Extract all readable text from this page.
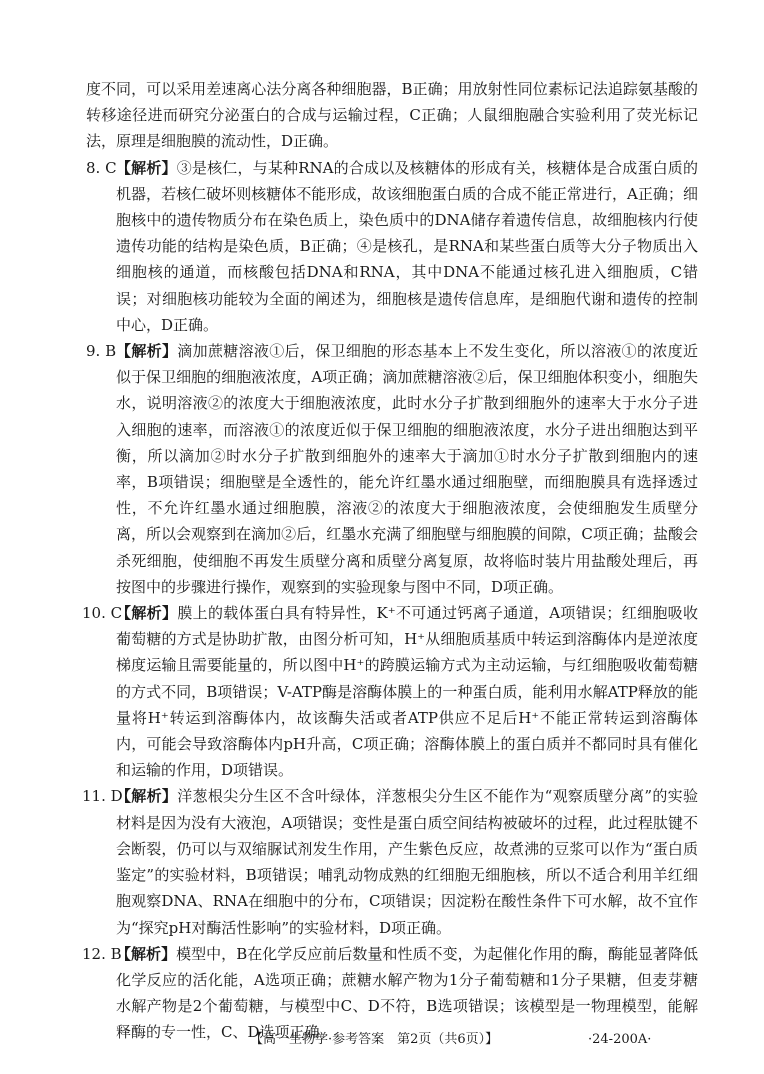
度不同，可以采用差速离心法分离各种细胞器，B正确；用放射性同位素标记法追踪氨基酸的转移途径进而研究分泌蛋白的合成与运输过程，C正确；人鼠细胞融合实验利用了荧光标记法，原理是细胞膜的流动性，D正确。

8. C 【解析】③是核仁，与某种RNA的合成以及核糖体的形成有关，核糖体是合成蛋白质的机器，若核仁破坏则核糖体不能形成，故该细胞蛋白质的合成不能正常进行，A正确；细胞核中的遗传物质分布在染色质上，染色质中的DNA储存着遗传信息，故细胞核内行使遗传功能的结构是染色质，B正确；④是核孔，是RNA和某些蛋白质等大分子物质出入细胞核的通道，而核酸包括DNA和RNA，其中DNA不能通过核孔进入细胞质，C错误；对细胞核功能较为全面的阐述为，细胞核是遗传信息库，是细胞代谢和遗传的控制中心，D正确。
9. B 【解析】滴加蔗糖溶液①后，保卫细胞的形态基本上不发生变化，所以溶液①的浓度近似于保卫细胞的细胞液浓度，A项正确；滴加蔗糖溶液②后，保卫细胞体积变小，细胞失水，说明溶液②的浓度大于细胞液浓度，此时水分子扩散到细胞外的速率大于水分子进入细胞的速率，而溶液①的浓度近似于保卫细胞的细胞液浓度，水分子进出细胞达到平衡，所以滴加②时水分子扩散到细胞外的速率大于滴加①时水分子扩散到细胞内的速率，B项错误；细胞壁是全透性的，能允许红墨水通过细胞壁，而细胞膜具有选择透过性，不允许红墨水通过细胞膜，溶液②的浓度大于细胞液浓度，会使细胞发生质壁分离，所以会观察到在滴加②后，红墨水充满了细胞壁与细胞膜的间隙，C项正确；盐酸会杀死细胞，使细胞不再发生质壁分离和质壁分离复原，故将临时装片用盐酸处理后，再按图中的步骤进行操作，观察到的实验现象与图中不同，D项正确。
10. C
【解析】膜上的载体蛋白具有特异性，K⁺不可通过钙离子通道，A项错误；红细胞吸收葡萄糖的方式是协助扩散，由图分析可知，H⁺从细胞质基质中转运到溶酶体内是逆浓度梯度运输且需要能量的，所以图中H⁺的跨膜运输方式为主动运输，与红细胞吸收葡萄糖的方式不同，B项错误；V-ATP酶是溶酶体膜上的一种蛋白质，能利用水解ATP释放的能量将H⁺转运到溶酶体内，故该酶失活或者ATP供应不足后H⁺不能正常转运到溶酶体内，可能会导致溶酶体内pH升高，C项正确；溶酶体膜上的蛋白质并不都同时具有催化和运输的作用，D项错误。
11. D
【解析】洋葱根尖分生区不含叶绿体，洋葱根尖分生区不能作为“观察质壁分离”的实验材料是因为没有大液泡，A项错误；变性是蛋白质空间结构被破坏的过程，此过程肽键不会断裂，仍可以与双缩脲试剂发生作用，产生紫色反应，故煮沸的豆浆可以作为“蛋白质鉴定”的实验材料，B项错误；哺乳动物成熟的红细胞无细胞核，所以不适合利用羊红细胞观察DNA、RNA在细胞中的分布，C项错误；因淀粉在酸性条件下可水解，故不宜作为“探究pH对酶活性影响”的实验材料，D项正确。
12. B
【解析】模型中，B在化学反应前后数量和性质不变，为起催化作用的酶，酶能显著降低化学反应的活化能，A选项正确；蔗糖水解产物为1分子葡萄糖和1分子果糖，但麦芽糖水解产物是2个葡萄糖，与模型中C、D不符，B选项错误；该模型是一物理模型，能解释酶的专一性，C、D选项正确。
【高一生物学·参考答案　第2页（共6页）】	·24-200A·
